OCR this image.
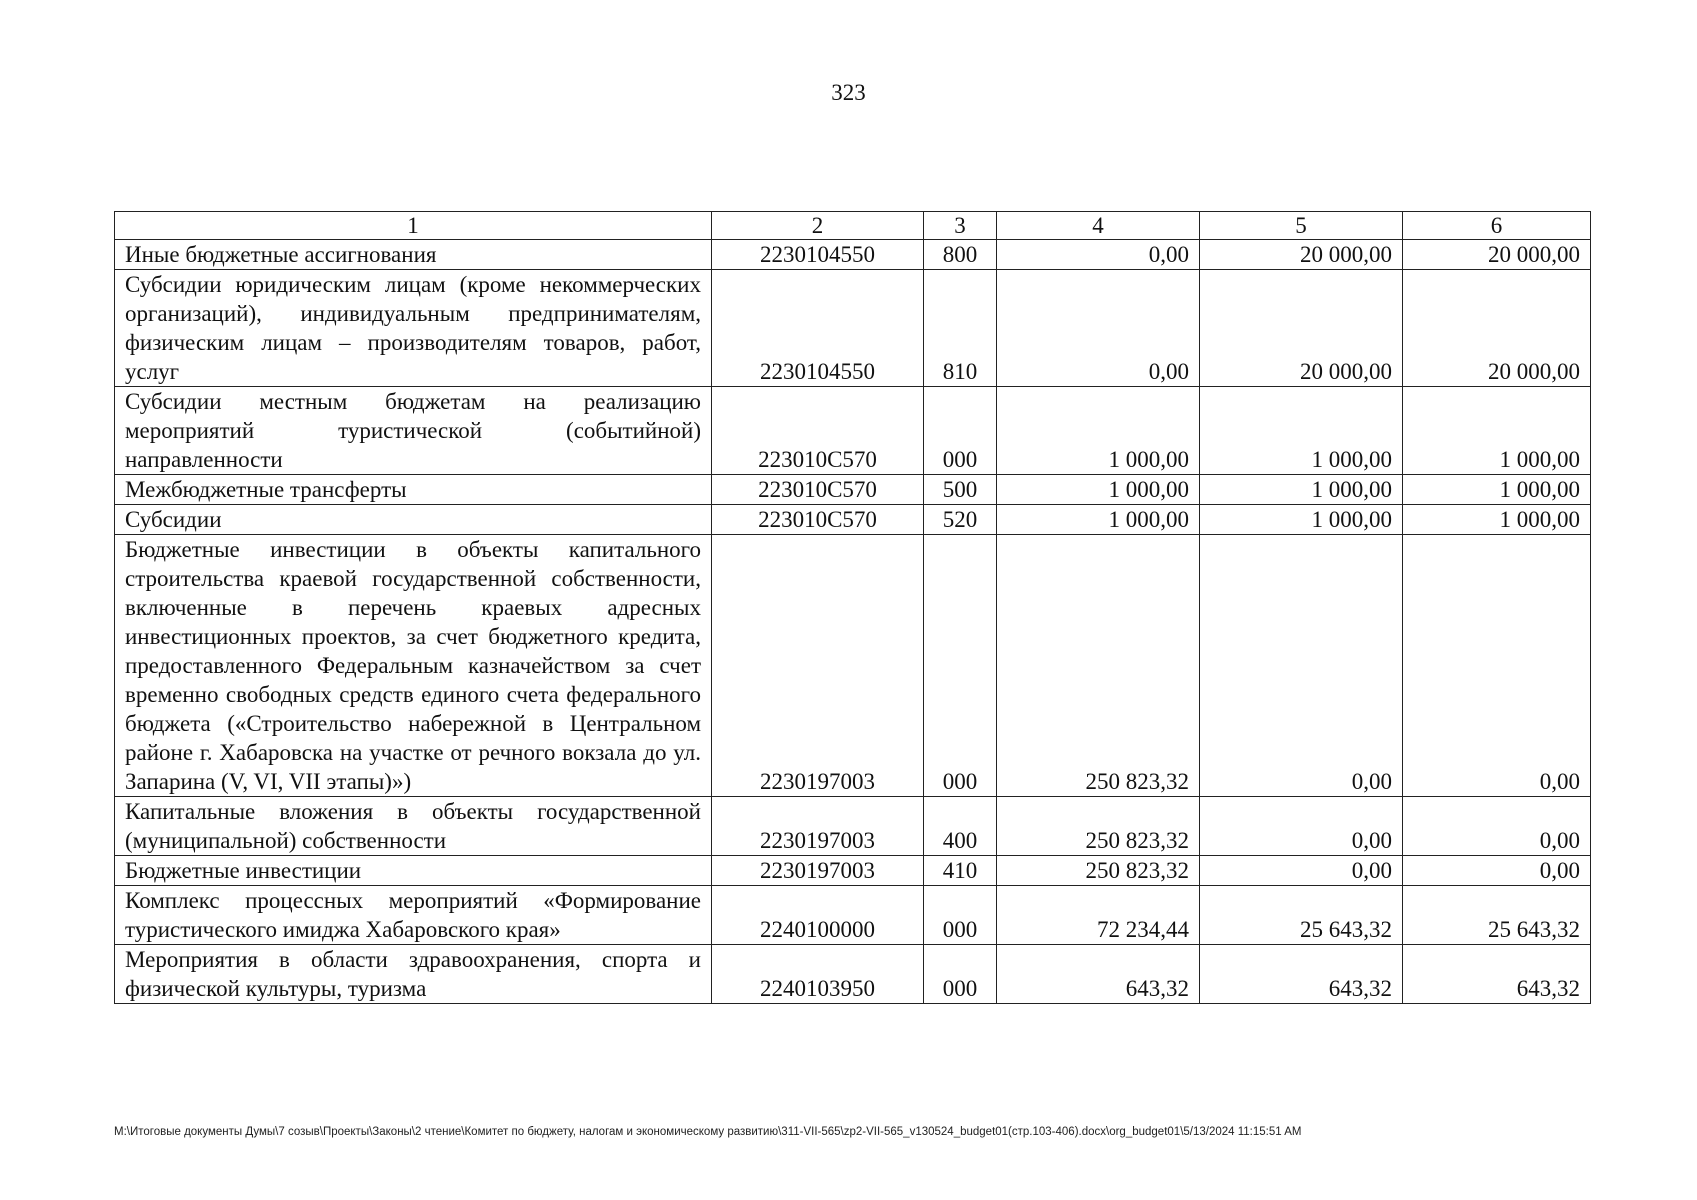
323
1	2	3	4	5	6
Иные бюджетные ассигнования	2230104550	800	0,00	20 000,00	20 000,00
Субсидии юридическим лицам (кроме некоммерческих организаций), индивидуальным предпринимателям, физическим лицам – производителям товаров, работ, услуг	2230104550	810	0,00	20 000,00	20 000,00
Субсидии местным бюджетам на реализацию мероприятий туристической (событийной) направленности	223010С570	000	1 000,00	1 000,00	1 000,00
Межбюджетные трансферты	223010С570	500	1 000,00	1 000,00	1 000,00
Субсидии	223010С570	520	1 000,00	1 000,00	1 000,00
Бюджетные инвестиции в объекты капитального строительства краевой государственной собственности, включенные в перечень краевых адресных инвестиционных проектов, за счет бюджетного кредита, предоставленного Федеральным казначейством за счет временно свободных средств единого счета федерального бюджета («Строительство набережной в Центральном районе г. Хабаровска на участке от речного вокзала до ул. Запарина (V, VI, VII этапы)»)	2230197003	000	250 823,32	0,00	0,00
Капитальные вложения в объекты государственной (муниципальной) собственности	2230197003	400	250 823,32	0,00	0,00
Бюджетные инвестиции	2230197003	410	250 823,32	0,00	0,00
Комплекс процессных мероприятий «Формирование туристического имиджа Хабаровского края»	2240100000	000	72 234,44	25 643,32	25 643,32
Мероприятия в области здравоохранения, спорта и физической культуры, туризма	2240103950	000	643,32	643,32	643,32
M:\Итоговые документы Думы\7 созыв\Проекты\Законы\2 чтение\Комитет по бюджету, налогам и экономическому развитию\311-VII-565\zp2-VII-565_v130524_budget01(стр.103-406).docx\org_budget01\5/13/2024 11:15:51 AM
